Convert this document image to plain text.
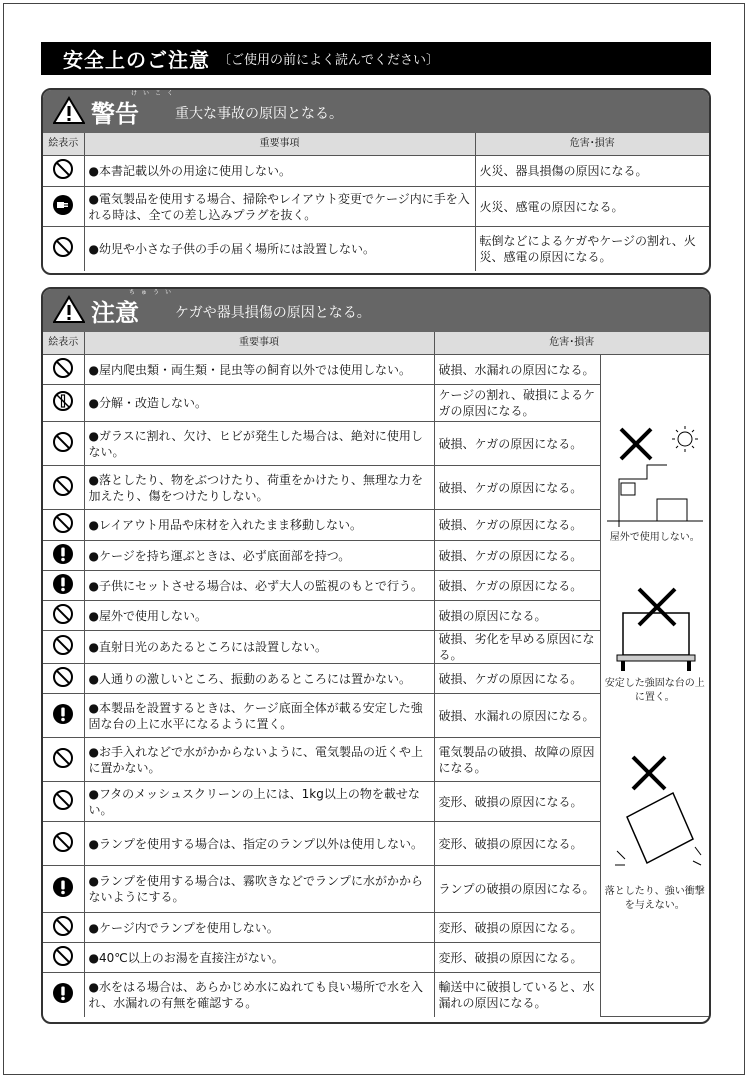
安全上のご注意 〔ご使用の前によく読んでください〕
警告
けいこく
重大な事故の原因となる。
絵表示	重要事項	危害･損害
	●本書記載以外の用途に使用しない。	火災、器具損傷の原因になる。
	●電気製品を使用する場合、掃除やレイアウト変更でケージ内に手を入れる時は、全ての差し込みプラグを抜く。	火災、感電の原因になる。
	●幼児や小さな子供の手の届く場所には設置しない。	転倒などによるケガやケージの割れ、火災、感電の原因になる。
注意
ちゅうい
ケガや器具損傷の原因となる。
絵表示	重要事項	危害･損害	
	●屋内爬虫類・両生類・昆虫等の飼育以外では使用しない。	破損、水漏れの原因になる。	屋外で使用しない。
安定した強固な台の上に置く。
落としたり、強い衝撃を与えない。

	●分解・改造しない。	ケージの割れ、破損によるケガの原因になる。	
	●ガラスに割れ、欠け、ヒビが発生した場合は、絶対に使用しない。	破損、ケガの原因になる。	
	●落としたり、物をぶつけたり、荷重をかけたり、無理な力を加えたり、傷をつけたりしない。	破損、ケガの原因になる。	
	●レイアウト用品や床材を入れたまま移動しない。	破損、ケガの原因になる。	
	●ケージを持ち運ぶときは、必ず底面部を持つ。	破損、ケガの原因になる。	
	●子供にセットさせる場合は、必ず大人の監視のもとで行う。	破損、ケガの原因になる。	
	●屋外で使用しない。	破損の原因になる。	
	●直射日光のあたるところには設置しない。	破損、劣化を早める原因になる。	
	●人通りの激しいところ、振動のあるところには置かない。	破損、ケガの原因になる。	
	●本製品を設置するときは、ケージ底面全体が載る安定した強固な台の上に水平になるように置く。	破損、水漏れの原因になる。	
	●お手入れなどで水がかからないように、電気製品の近くや上に置かない。	電気製品の破損、故障の原因になる。	
	●フタのメッシュスクリーンの上には、1kg以上の物を載せない。	変形、破損の原因になる。	
	●ランプを使用する場合は、指定のランプ以外は使用しない。	変形、破損の原因になる。	
	●ランプを使用する場合は、霧吹きなどでランプに水がかからないようにする。	ランプの破損の原因になる。	
	●ケージ内でランプを使用しない。	変形、破損の原因になる。	
	●40℃以上のお湯を直接注がない。	変形、破損の原因になる。	
	●水をはる場合は、あらかじめ水にぬれても良い場所で水を入れ、水漏れの有無を確認する。	輸送中に破損していると、水漏れの原因になる。	
